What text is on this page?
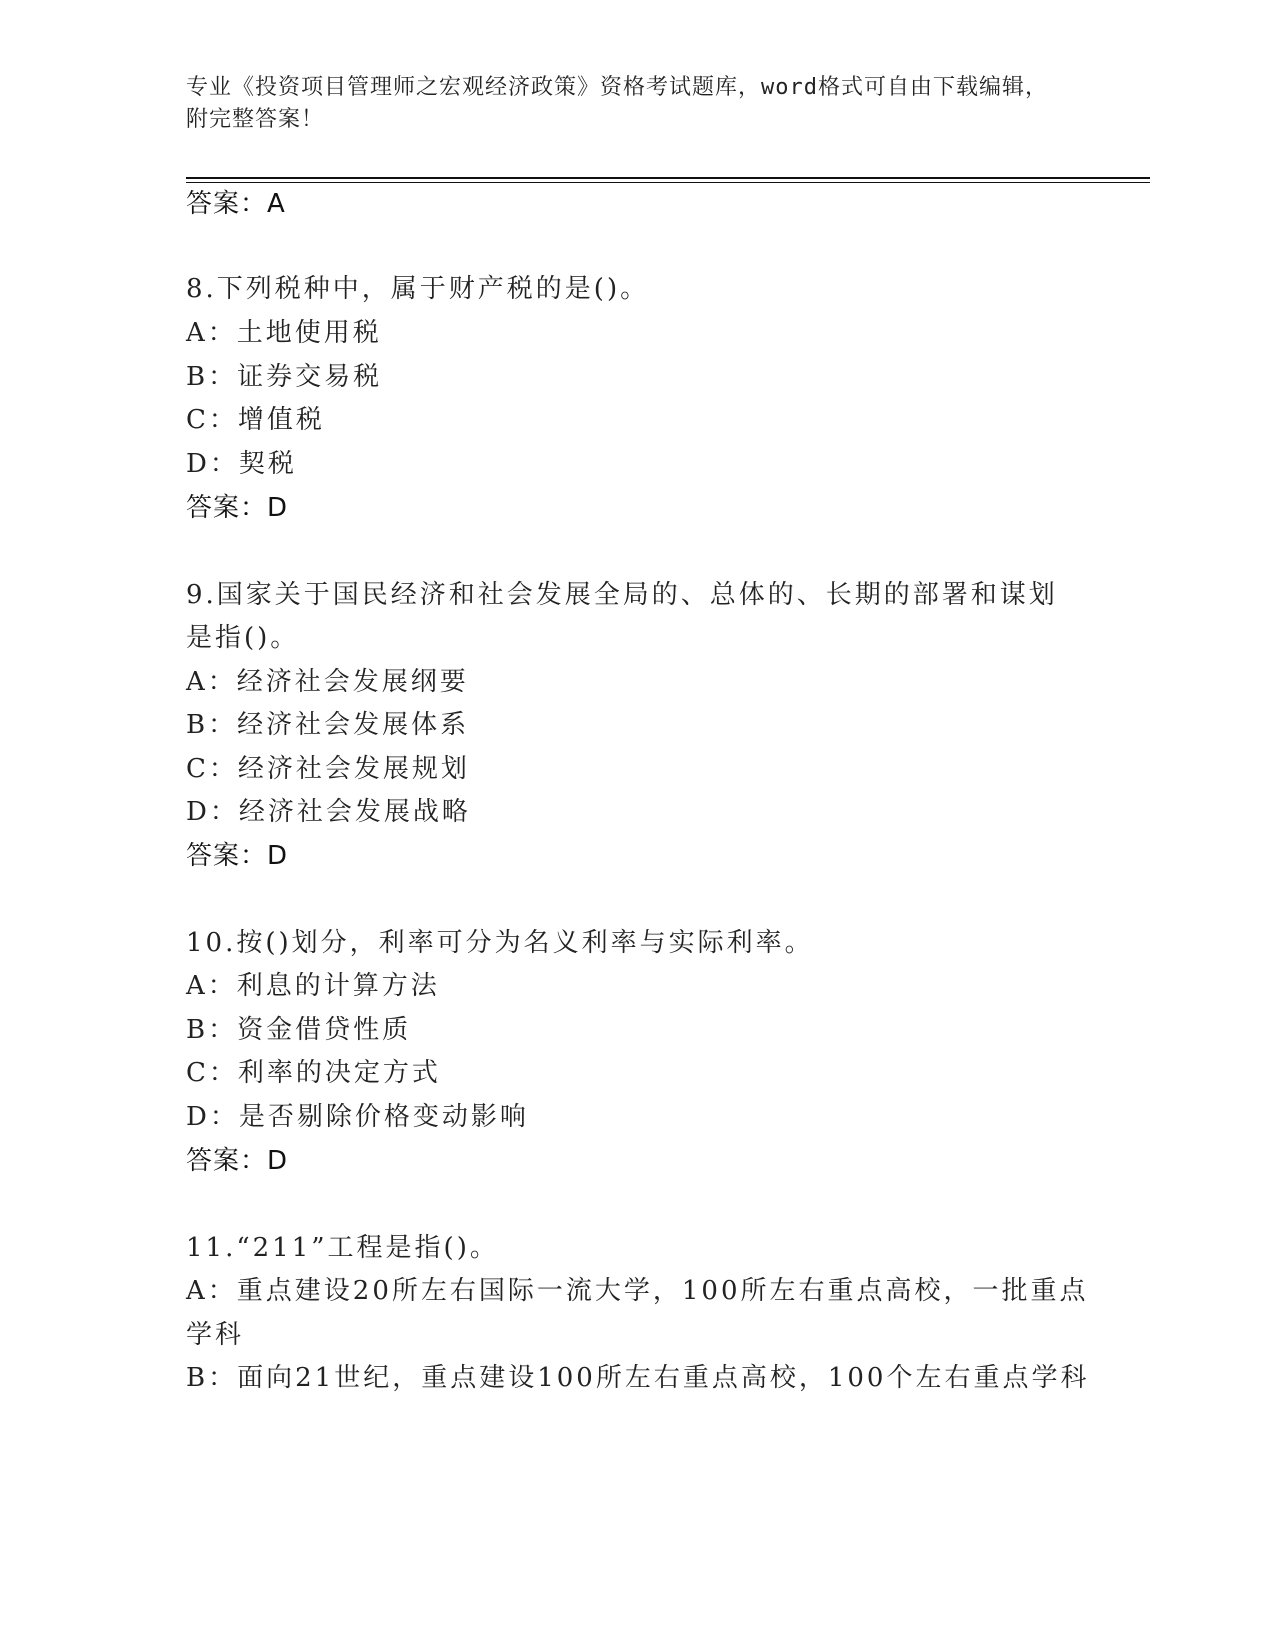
专业《投资项目管理师之宏观经济政策》资格考试题库，word格式可自由下载编辑，附完整答案！
答案：A
8.下列税种中，属于财产税的是()。
A：土地使用税
B：证券交易税
C：增值税
D：契税
答案：D
9.国家关于国民经济和社会发展全局的、总体的、长期的部署和谋划
是指()。
A：经济社会发展纲要
B：经济社会发展体系
C：经济社会发展规划
D：经济社会发展战略
答案：D
10.按()划分，利率可分为名义利率与实际利率。
A：利息的计算方法
B：资金借贷性质
C：利率的决定方式
D：是否剔除价格变动影响
答案：D
11.“211”工程是指()。
A：重点建设20所左右国际一流大学，100所左右重点高校，一批重点
学科
B：面向21世纪，重点建设100所左右重点高校，100个左右重点学科
